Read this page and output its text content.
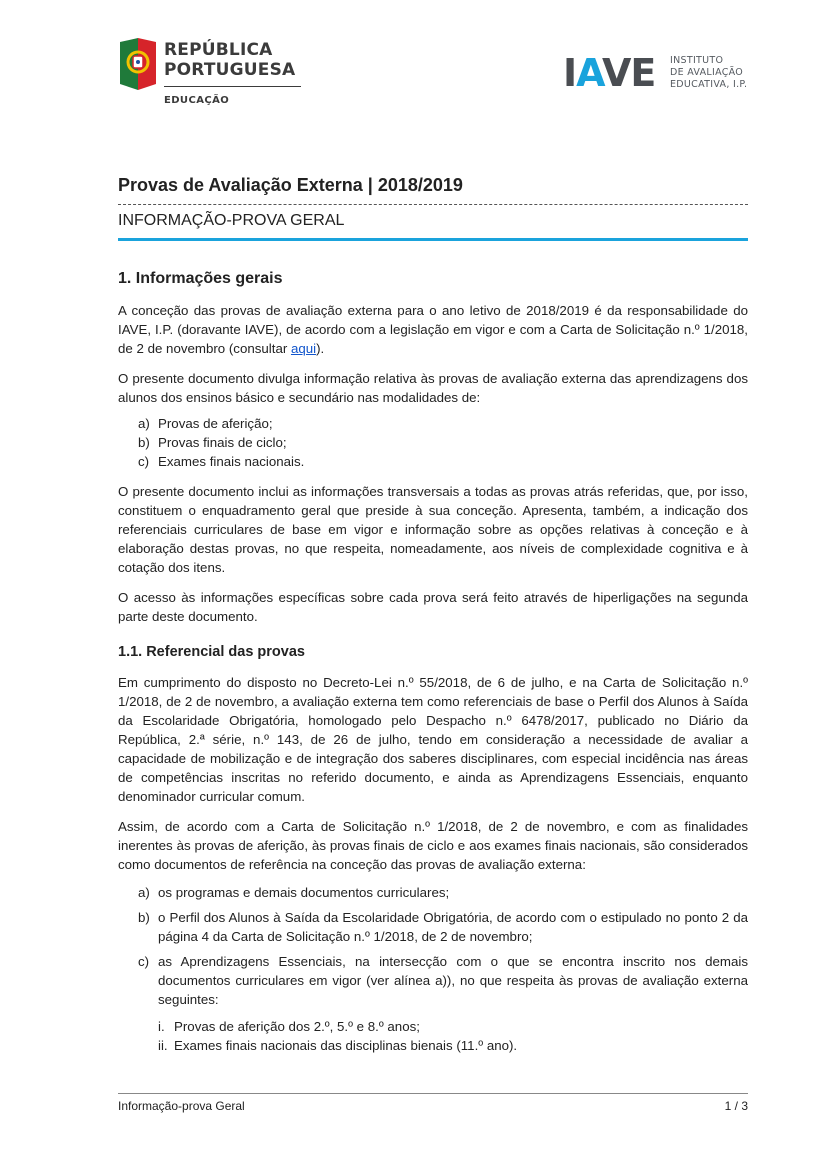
REPÚBLICA
PORTUGUESA
EDUCAÇÃO
IAVE INSTITUTO
DE AVALIAÇÃO
EDUCATIVA, I.P.
Provas de Avaliação Externa | 2018/2019
INFORMAÇÃO-PROVA GERAL
1. Informações gerais

A conceção das provas de avaliação externa para o ano letivo de 2018/2019 é da responsabilidade do IAVE, I.P. (doravante IAVE), de acordo com a legislação em vigor e com a Carta de Solicitação n.º 1/2018, de 2 de novembro (consultar aqui).

O presente documento divulga informação relativa às provas de avaliação externa das aprendizagens dos alunos dos ensinos básico e secundário nas modalidades de:

a) Provas de aferição;
b) Provas finais de ciclo;
c) Exames finais nacionais.

O presente documento inclui as informações transversais a todas as provas atrás referidas, que, por isso, constituem o enquadramento geral que preside à sua conceção. Apresenta, também, a indicação dos referenciais curriculares de base em vigor e informação sobre as opções relativas à conceção e à elaboração destas provas, no que respeita, nomeadamente, aos níveis de complexidade cognitiva e à cotação dos itens.

O acesso às informações específicas sobre cada prova será feito através de hiperligações na segunda parte deste documento.

1.1. Referencial das provas

Em cumprimento do disposto no Decreto-Lei n.º 55/2018, de 6 de julho, e na Carta de Solicitação n.º 1/2018, de 2 de novembro, a avaliação externa tem como referenciais de base o Perfil dos Alunos à Saída da Escolaridade Obrigatória, homologado pelo Despacho n.º 6478/2017, publicado no Diário da República, 2.ª série, n.º 143, de 26 de julho, tendo em consideração a necessidade de avaliar a capacidade de mobilização e de integração dos saberes disciplinares, com especial incidência nas áreas de competências inscritas no referido documento, e ainda as Aprendizagens Essenciais, enquanto denominador curricular comum.

Assim, de acordo com a Carta de Solicitação n.º 1/2018, de 2 de novembro, e com as finalidades inerentes às provas de aferição, às provas finais de ciclo e aos exames finais nacionais, são considerados como documentos de referência na conceção das provas de avaliação externa:

a) os programas e demais documentos curriculares;
b) o Perfil dos Alunos à Saída da Escolaridade Obrigatória, de acordo com o estipulado no ponto 2 da página 4 da Carta de Solicitação n.º 1/2018, de 2 de novembro;
c) as Aprendizagens Essenciais, na intersecção com o que se encontra inscrito nos demais documentos curriculares em vigor (ver alínea a)), no que respeita às provas de avaliação externa seguintes:
i. Provas de aferição dos 2.º, 5.º e 8.º anos;
ii. Exames finais nacionais das disciplinas bienais (11.º ano).
Informação-prova Geral	1 / 3
